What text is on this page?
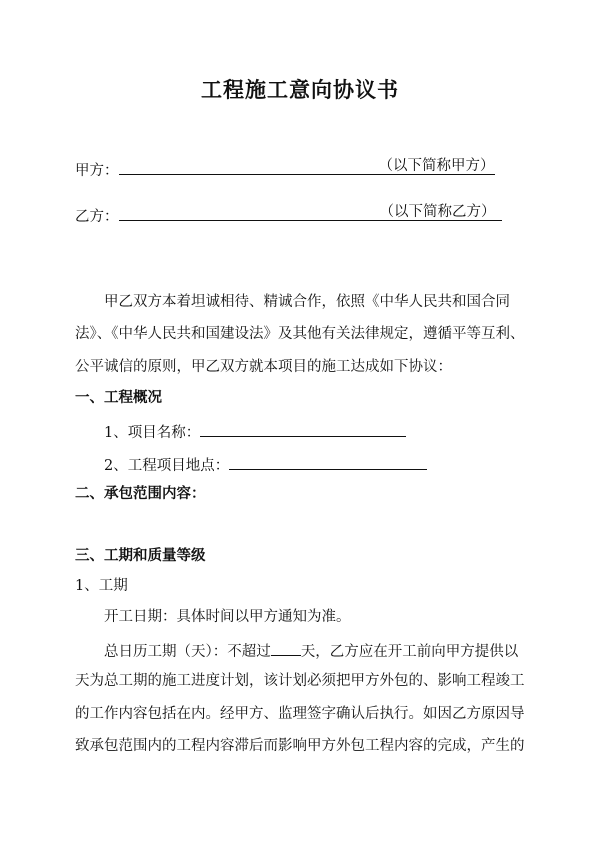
工程施工意向协议书
甲方：	（以下简称甲方）
乙方：	（以下简称乙方）
甲乙双方本着坦诚相待、精诚合作，依照《中华人民共和国合同
法》、《中华人民共和国建设法》及其他有关法律规定，遵循平等互利、
公平诚信的原则，甲乙双方就本项目的施工达成如下协议：
一、工程概况
1、项目名称：
2、工程项目地点：
二、承包范围内容：
三、工期和质量等级
1、工期
开工日期：具体时间以甲方通知为准。
总日历工期（天）：不超过 天，乙方应在开工前向甲方提供以
天为总工期的施工进度计划，该计划必须把甲方外包的、影响工程竣工
的工作内容包括在内。经甲方、监理签字确认后执行。如因乙方原因导
致承包范围内的工程内容滞后而影响甲方外包工程内容的完成，产生的
